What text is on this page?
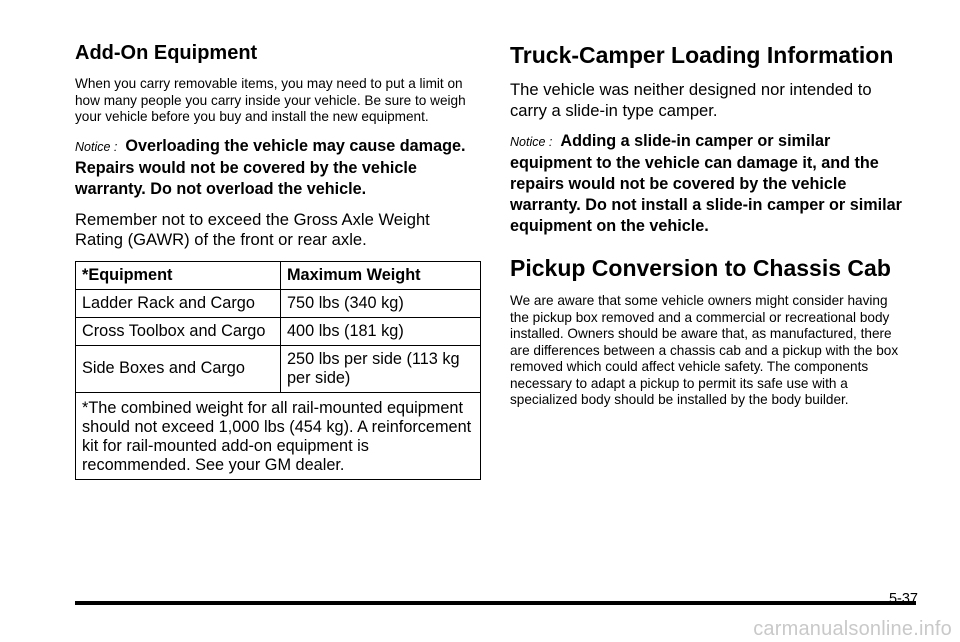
Add-On Equipment

When you carry removable items, you may need to put a limit on how many people you carry inside your vehicle. Be sure to weigh your vehicle before you buy and install the new equipment.

Notice : Overloading the vehicle may cause damage. Repairs would not be covered by the vehicle warranty. Do not overload the vehicle.

Remember not to exceed the Gross Axle Weight Rating (GAWR) of the front or rear axle.

*Equipment	Maximum Weight
Ladder Rack and Cargo	750 lbs (340 kg)
Cross Toolbox and Cargo	400 lbs (181 kg)
Side Boxes and Cargo	250 lbs per side (113 kg per side)
*The combined weight for all rail-mounted equipment should not exceed 1,000 lbs (454 kg). A reinforcement kit for rail-mounted add-on equipment is recommended. See your GM dealer.	
Truck-Camper Loading Information

The vehicle was neither designed nor intended to carry a slide-in type camper.

Notice : Adding a slide-in camper or similar equipment to the vehicle can damage it, and the repairs would not be covered by the vehicle warranty. Do not install a slide-in camper or similar equipment on the vehicle.
Pickup Conversion to Chassis Cab

We are aware that some vehicle owners might consider having the pickup box removed and a commercial or recreational body installed. Owners should be aware that, as manufactured, there are differences between a chassis cab and a pickup with the box removed which could affect vehicle safety. The components necessary to adapt a pickup to permit its safe use with a specialized body should be installed by the body builder.

5-37
carmanualsonline.info
